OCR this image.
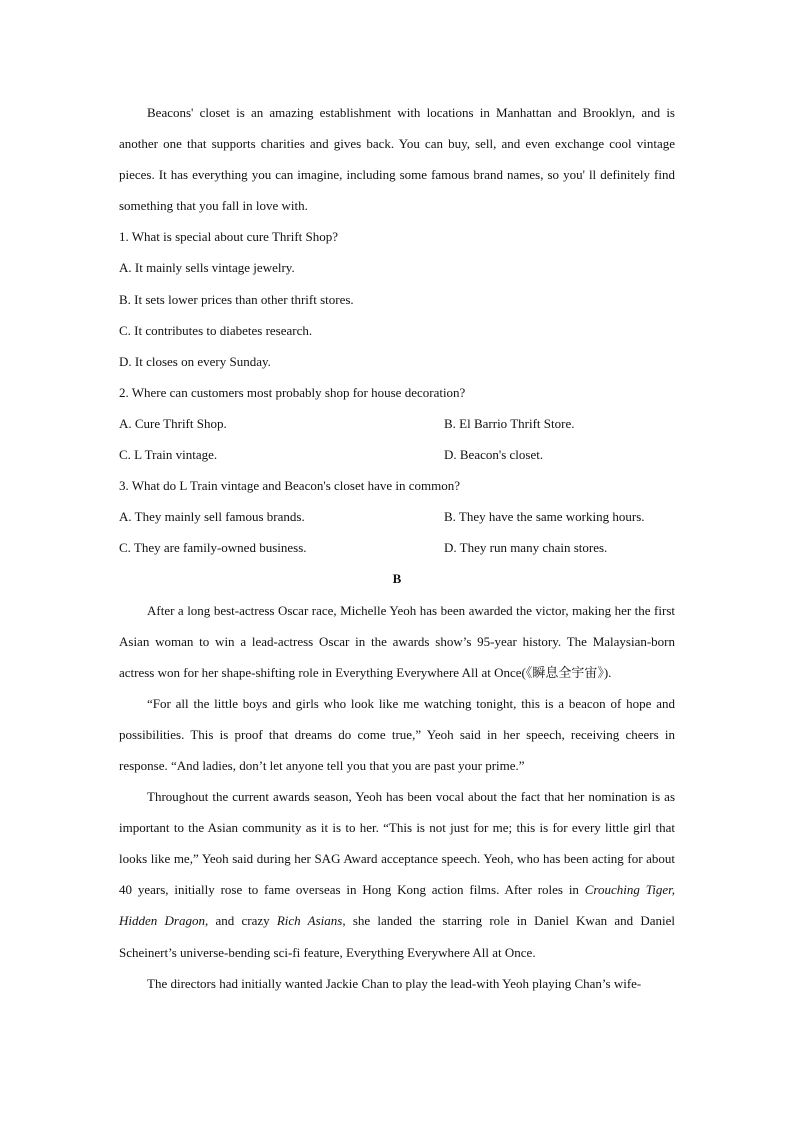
Beacons' closet is an amazing establishment with locations in Manhattan and Brooklyn, and is another one that supports charities and gives back. You can buy, sell, and even exchange cool vintage pieces. It has everything you can imagine, including some famous brand names, so you' ll definitely find something that you fall in love with.

1. What is special about cure Thrift Shop?
A. It mainly sells vintage jewelry.
B. It sets lower prices than other thrift stores.
C. It contributes to diabetes research.
D. It closes on every Sunday.
2. Where can customers most probably shop for house decoration?
A. Cure Thrift Shop.	B. El Barrio Thrift Store.
C. L Train vintage.	D. Beacon's closet.
3. What do L Train vintage and Beacon's closet have in common?
A. They mainly sell famous brands.	B. They have the same working hours.
C. They are family-owned business.	D. They run many chain stores.
B

After a long best-actress Oscar race, Michelle Yeoh has been awarded the victor, making her the first Asian woman to win a lead-actress Oscar in the awards show’s 95-year history. The Malaysian-born actress won for her shape-shifting role in Everything Everywhere All at Once(《瞬息全宇宙》).

“For all the little boys and girls who look like me watching tonight, this is a beacon of hope and possibilities. This is proof that dreams do come true,” Yeoh said in her speech, receiving cheers in response. “And ladies, don’t let anyone tell you that you are past your prime.”

Throughout the current awards season, Yeoh has been vocal about the fact that her nomination is as important to the Asian community as it is to her. “This is not just for me; this is for every little girl that looks like me,” Yeoh said during her SAG Award acceptance speech. Yeoh, who has been acting for about 40 years, initially rose to fame overseas in Hong Kong action films. After roles in Crouching Tiger, Hidden Dragon, and crazy Rich Asians, she landed the starring role in Daniel Kwan and Daniel Scheinert’s universe-bending sci-fi feature, Everything Everywhere All at Once.

The directors had initially wanted Jackie Chan to play the lead-with Yeoh playing Chan’s wife-
